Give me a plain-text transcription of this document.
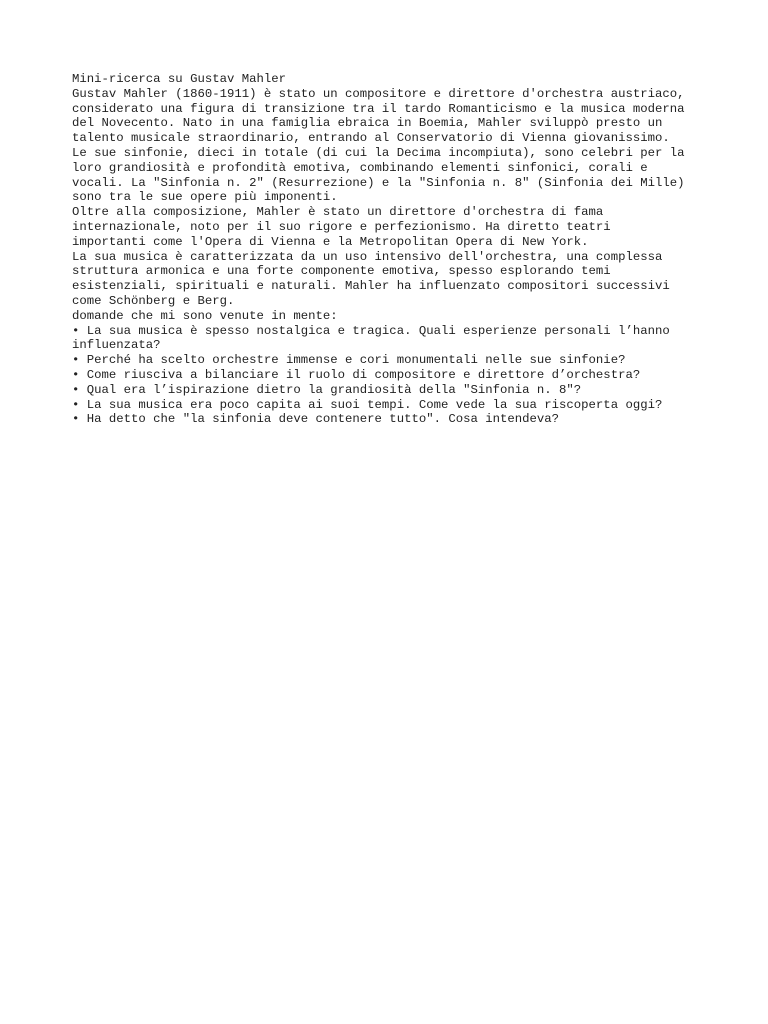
Mini-ricerca su Gustav Mahler
Gustav Mahler (1860-1911) è stato un compositore e direttore d'orchestra austriaco,
considerato una figura di transizione tra il tardo Romanticismo e la musica moderna
del Novecento. Nato in una famiglia ebraica in Boemia, Mahler sviluppò presto un
talento musicale straordinario, entrando al Conservatorio di Vienna giovanissimo.
Le sue sinfonie, dieci in totale (di cui la Decima incompiuta), sono celebri per la
loro grandiosità e profondità emotiva, combinando elementi sinfonici, corali e
vocali. La "Sinfonia n. 2" (Resurrezione) e la "Sinfonia n. 8" (Sinfonia dei Mille)
sono tra le sue opere più imponenti.
Oltre alla composizione, Mahler è stato un direttore d'orchestra di fama
internazionale, noto per il suo rigore e perfezionismo. Ha diretto teatri
importanti come l'Opera di Vienna e la Metropolitan Opera di New York.
La sua musica è caratterizzata da un uso intensivo dell'orchestra, una complessa
struttura armonica e una forte componente emotiva, spesso esplorando temi
esistenziali, spirituali e naturali. Mahler ha influenzato compositori successivi
come Schönberg e Berg.
domande che mi sono venute in mente:
• La sua musica è spesso nostalgica e tragica. Quali esperienze personali l’hanno
influenzata?
• Perché ha scelto orchestre immense e cori monumentali nelle sue sinfonie?
• Come riusciva a bilanciare il ruolo di compositore e direttore d’orchestra?
• Qual era l’ispirazione dietro la grandiosità della "Sinfonia n. 8"?
• La sua musica era poco capita ai suoi tempi. Come vede la sua riscoperta oggi?
• Ha detto che "la sinfonia deve contenere tutto". Cosa intendeva?
